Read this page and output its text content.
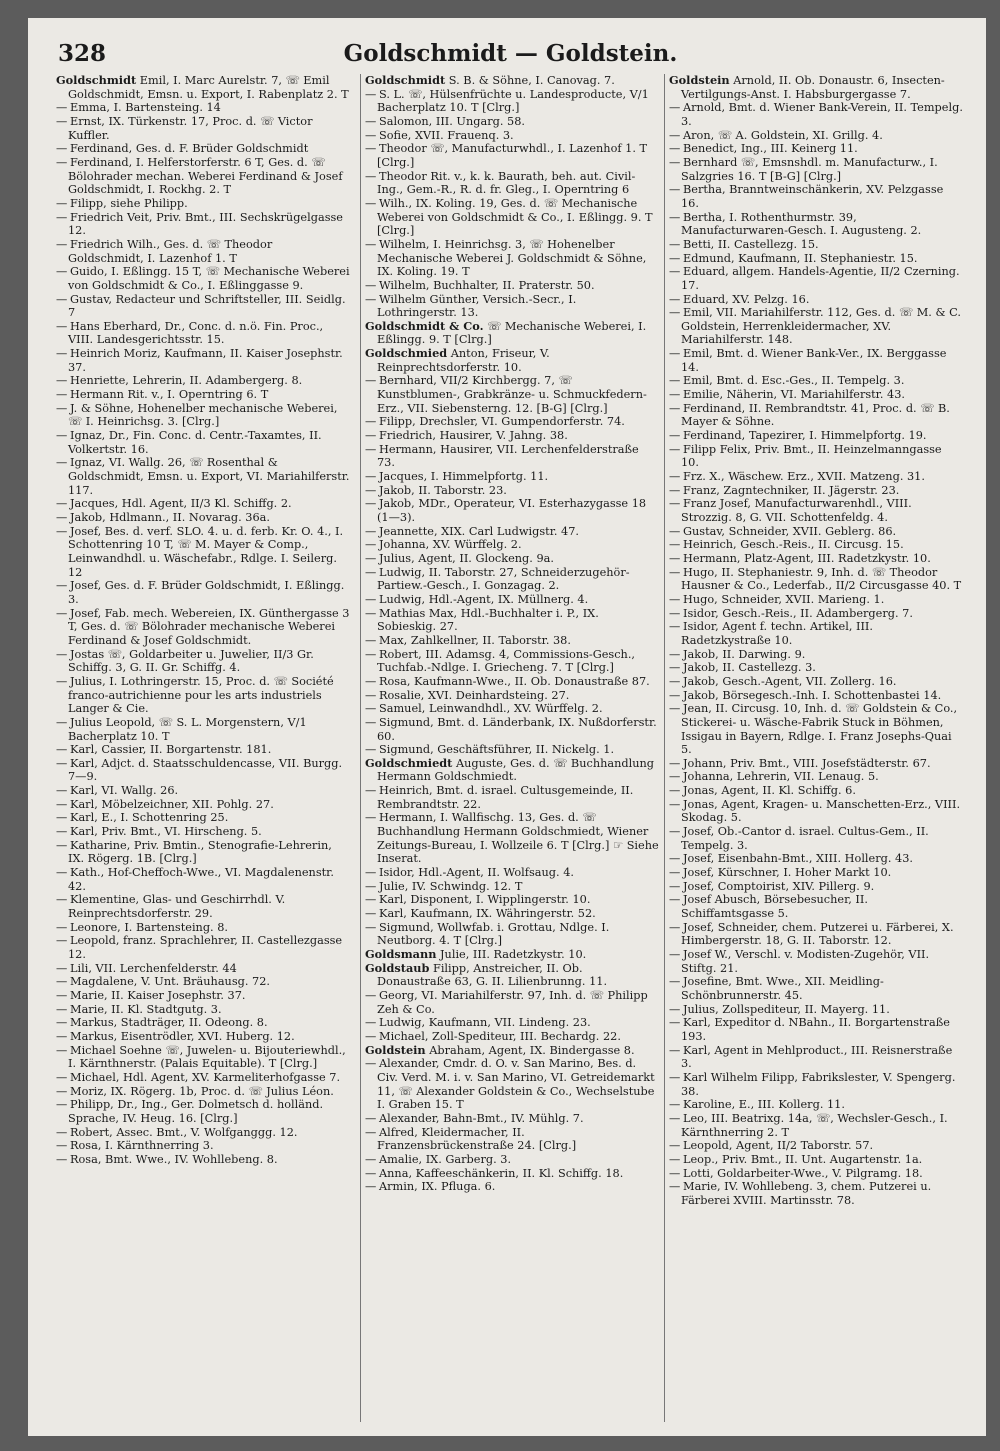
328	Goldschmidt — Goldstein.
Goldschmidt Emil, I. Marc Aurelstr. 7, ☏ Emil Goldschmidt, Emsn. u. Export, I. Rabenplatz 2. T
— Emma, I. Bartensteing. 14
— Ernst, IX. Türkenstr. 17, Proc. d. ☏ Victor Kuffler.
— Ferdinand, Ges. d. F. Brüder Goldschmidt
— Ferdinand, I. Helferstorferstr. 6 T, Ges. d. ☏ Bölohrader mechan. Weberei Ferdinand & Josef Goldschmidt, I. Rockhg. 2. T
— Filipp, siehe Philipp.
— Friedrich Veit, Priv. Bmt., III. Sechskrügelgasse 12.
— Friedrich Wilh., Ges. d. ☏ Theodor Goldschmidt, I. Lazenhof 1. T
— Guido, I. Eßlingg. 15 T, ☏ Mechanische Weberei von Goldschmidt & Co., I. Eßlinggasse 9.
— Gustav, Redacteur und Schriftsteller, III. Seidlg. 7
— Hans Eberhard, Dr., Conc. d. n.ö. Fin. Proc., VIII. Landesgerichtsstr. 15.
— Heinrich Moriz, Kaufmann, II. Kaiser Josephstr. 37.
— Henriette, Lehrerin, II. Adambergerg. 8.
— Hermann Rit. v., I. Operntring 6. T
— J. & Söhne, Hohenelber mechanische Weberei, ☏ I. Heinrichsg. 3. [Clrg.]
— Ignaz, Dr., Fin. Conc. d. Centr.-Taxamtes, II. Volkertstr. 16.
— Ignaz, VI. Wallg. 26, ☏ Rosenthal & Goldschmidt, Emsn. u. Export, VI. Mariahilferstr. 117.
— Jacques, Hdl. Agent, II/3 Kl. Schiffg. 2.
— Jakob, Hdlmann., II. Novarag. 36a.
— Josef, Bes. d. verf. SLO. 4. u. d. ferb. Kr. O. 4., I. Schottenring 10 T, ☏ M. Mayer & Comp., Leinwandhdl. u. Wäschefabr., Rdlge. I. Seilerg. 12
— Josef, Ges. d. F. Brüder Goldschmidt, I. Eßlingg. 3.
— Josef, Fab. mech. Webereien, IX. Günthergasse 3 T, Ges. d. ☏ Bölohrader mechanische Weberei Ferdinand & Josef Goldschmidt.
— Jostas ☏, Goldarbeiter u. Juwelier, II/3 Gr. Schiffg. 3, G. II. Gr. Schiffg. 4.
— Julius, I. Lothringerstr. 15, Proc. d. ☏ Société franco-autrichienne pour les arts industriels Langer & Cie.
— Julius Leopold, ☏ S. L. Morgenstern, V/1 Bacherplatz 10. T
— Karl, Cassier, II. Borgartenstr. 181.
— Karl, Adjct. d. Staatsschuldencasse, VII. Burgg. 7—9.
— Karl, VI. Wallg. 26.
— Karl, Möbelzeichner, XII. Pohlg. 27.
— Karl, E., I. Schottenring 25.
— Karl, Priv. Bmt., VI. Hirscheng. 5.
— Katharine, Priv. Bmtin., Stenografie-Lehrerin, IX. Rögerg. 1B. [Clrg.]
— Kath., Hof-Cheffoch-Wwe., VI. Magdalenenstr. 42.
— Klementine, Glas- und Geschirrhdl. V. Reinprechtsdorferstr. 29.
— Leonore, I. Bartensteing. 8.
— Leopold, franz. Sprachlehrer, II. Castellezgasse 12.
— Lili, VII. Lerchenfelderstr. 44
— Magdalene, V. Unt. Bräuhausg. 72.
— Marie, II. Kaiser Josephstr. 37.
— Marie, II. Kl. Stadtgutg. 3.
— Markus, Stadträger, II. Odeong. 8.
— Markus, Eisentrödler, XVI. Huberg. 12.
— Michael Soehne ☏, Juwelen- u. Bijouteriewhdl., I. Kärnthnerstr. (Palais Equitable). T [Clrg.]
— Michael, Hdl. Agent, XV. Karmeliterhofgasse 7.
— Moriz, IX. Rögerg. 1b, Proc. d. ☏ Julius Léon.
— Philipp, Dr., Ing., Ger. Dolmetsch d. holländ. Sprache, IV. Heug. 16. [Clrg.]
— Robert, Assec. Bmt., V. Wolfganggg. 12.
— Rosa, I. Kärnthnerring 3.
— Rosa, Bmt. Wwe., IV. Wohllebeng. 8.
Goldschmidt S. B. & Söhne, I. Canovag. 7.
— S. L. ☏, Hülsenfrüchte u. Landesproducte, V/1 Bacherplatz 10. T [Clrg.]
— Salomon, III. Ungarg. 58.
— Sofie, XVII. Frauenq. 3.
— Theodor ☏, Manufacturwhdl., I. Lazenhof 1. T [Clrg.]
— Theodor Rit. v., k. k. Baurath, beh. aut. Civil-Ing., Gem.-R., R. d. fr. Gleg., I. Operntring 6
— Wilh., IX. Koling. 19, Ges. d. ☏ Mechanische Weberei von Goldschmidt & Co., I. Eßlingg. 9. T [Clrg.]
— Wilhelm, I. Heinrichsg. 3, ☏ Hohenelber Mechanische Weberei J. Goldschmidt & Söhne, IX. Koling. 19. T
— Wilhelm, Buchhalter, II. Praterstr. 50.
— Wilhelm Günther, Versich.-Secr., I. Lothringerstr. 13.
Goldschmidt & Co. ☏ Mechanische Weberei, I. Eßlingg. 9. T [Clrg.]
Goldschmied Anton, Friseur, V. Reinprechtsdorferstr. 10.
— Bernhard, VII/2 Kirchbergg. 7, ☏ Kunstblumen-, Grabkränze- u. Schmuckfedern-Erz., VII. Siebensterng. 12. [B-G] [Clrg.]
— Filipp, Drechsler, VI. Gumpendorferstr. 74.
— Friedrich, Hausirer, V. Jahng. 38.
— Hermann, Hausirer, VII. Lerchenfelderstraße 73.
— Jacques, I. Himmelpfortg. 11.
— Jakob, II. Taborstr. 23.
— Jakob, MDr., Operateur, VI. Esterhazygasse 18 (1—3).
— Jeannette, XIX. Carl Ludwigstr. 47.
— Johanna, XV. Würffelg. 2.
— Julius, Agent, II. Glockeng. 9a.
— Ludwig, II. Taborstr. 27, Schneiderzugehör-Partiew.-Gesch., I. Gonzagag. 2.
— Ludwig, Hdl.-Agent, IX. Müllnerg. 4.
— Mathias Max, Hdl.-Buchhalter i. P., IX. Sobieskig. 27.
— Max, Zahlkellner, II. Taborstr. 38.
— Robert, III. Adamsg. 4, Commissions-Gesch., Tuchfab.-Ndlge. I. Griecheng. 7. T [Clrg.]
— Rosa, Kaufmann-Wwe., II. Ob. Donaustraße 87.
— Rosalie, XVI. Deinhardsteing. 27.
— Samuel, Leinwandhdl., XV. Würffelg. 2.
— Sigmund, Bmt. d. Länderbank, IX. Nußdorferstr. 60.
— Sigmund, Geschäftsführer, II. Nickelg. 1.
Goldschmiedt Auguste, Ges. d. ☏ Buchhandlung Hermann Goldschmiedt.
— Heinrich, Bmt. d. israel. Cultusgemeinde, II. Rembrandtstr. 22.
— Hermann, I. Wallfischg. 13, Ges. d. ☏ Buchhandlung Hermann Goldschmiedt, Wiener Zeitungs-Bureau, I. Wollzeile 6. T [Clrg.] ☞ Siehe Inserat.
— Isidor, Hdl.-Agent, II. Wolfsaug. 4.
— Julie, IV. Schwindg. 12. T
— Karl, Disponent, I. Wipplingerstr. 10.
— Karl, Kaufmann, IX. Währingerstr. 52.
— Sigmund, Wollwfab. i. Grottau, Ndlge. I. Neutborg. 4. T [Clrg.]
Goldsmann Julie, III. Radetzkystr. 10.
Goldstaub Filipp, Anstreicher, II. Ob. Donaustraße 63, G. II. Lilienbrunng. 11.
— Georg, VI. Mariahilferstr. 97, Inh. d. ☏ Philipp Zeh & Co.
— Ludwig, Kaufmann, VII. Lindeng. 23.
— Michael, Zoll-Spediteur, III. Bechardg. 22.
Goldstein Abraham, Agent, IX. Bindergasse 8.
— Alexander, Cmdr. d. O. v. San Marino, Bes. d. Civ. Verd. M. i. v. San Marino, VI. Getreidemarkt 11, ☏ Alexander Goldstein & Co., Wechselstube I. Graben 15. T
— Alexander, Bahn-Bmt., IV. Mühlg. 7.
— Alfred, Kleidermacher, II. Franzensbrückenstraße 24. [Clrg.]
— Amalie, IX. Garberg. 3.
— Anna, Kaffeeschänkerin, II. Kl. Schiffg. 18.
— Armin, IX. Pfluga. 6.
Goldstein Arnold, II. Ob. Donaustr. 6, Insecten-Vertilgungs-Anst. I. Habsburgergasse 7.
— Arnold, Bmt. d. Wiener Bank-Verein, II. Tempelg. 3.
— Aron, ☏ A. Goldstein, XI. Grillg. 4.
— Benedict, Ing., III. Keinerg 11.
— Bernhard ☏, Emsnshdl. m. Manufacturw., I. Salzgries 16. T [B-G] [Clrg.]
— Bertha, Branntweinschänkerin, XV. Pelzgasse 16.
— Bertha, I. Rothenthurmstr. 39, Manufacturwaren-Gesch. I. Augusteng. 2.
— Betti, II. Castellezg. 15.
— Edmund, Kaufmann, II. Stephaniestr. 15.
— Eduard, allgem. Handels-Agentie, II/2 Czerning. 17.
— Eduard, XV. Pelzg. 16.
— Emil, VII. Mariahilferstr. 112, Ges. d. ☏ M. & C. Goldstein, Herrenkleidermacher, XV. Mariahilferstr. 148.
— Emil, Bmt. d. Wiener Bank-Ver., IX. Berggasse 14.
— Emil, Bmt. d. Esc.-Ges., II. Tempelg. 3.
— Emilie, Näherin, VI. Mariahilferstr. 43.
— Ferdinand, II. Rembrandtstr. 41, Proc. d. ☏ B. Mayer & Söhne.
— Ferdinand, Tapezirer, I. Himmelpfortg. 19.
— Filipp Felix, Priv. Bmt., II. Heinzelmanngasse 10.
— Frz. X., Wäschew. Erz., XVII. Matzeng. 31.
— Franz, Zagntechniker, II. Jägerstr. 23.
— Franz Josef, Manufacturwarenhdl., VIII. Strozzig. 8, G. VII. Schottenfeldg. 4.
— Gustav, Schneider, XVII. Geblerg. 86.
— Heinrich, Gesch.-Reis., II. Circusg. 15.
— Hermann, Platz-Agent, III. Radetzkystr. 10.
— Hugo, II. Stephaniestr. 9, Inh. d. ☏ Theodor Hausner & Co., Lederfab., II/2 Circusgasse 40. T
— Hugo, Schneider, XVII. Marieng. 1.
— Isidor, Gesch.-Reis., II. Adambergerg. 7.
— Isidor, Agent f. techn. Artikel, III. Radetzkystraße 10.
— Jakob, II. Darwing. 9.
— Jakob, II. Castellezg. 3.
— Jakob, Gesch.-Agent, VII. Zollerg. 16.
— Jakob, Börsegesch.-Inh. I. Schottenbastei 14.
— Jean, II. Circusg. 10, Inh. d. ☏ Goldstein & Co., Stickerei- u. Wäsche-Fabrik Stuck in Böhmen, Issigau in Bayern, Rdlge. I. Franz Josephs-Quai 5.
— Johann, Priv. Bmt., VIII. Josefstädterstr. 67.
— Johanna, Lehrerin, VII. Lenaug. 5.
— Jonas, Agent, II. Kl. Schiffg. 6.
— Jonas, Agent, Kragen- u. Manschetten-Erz., VIII. Skodag. 5.
— Josef, Ob.-Cantor d. israel. Cultus-Gem., II. Tempelg. 3.
— Josef, Eisenbahn-Bmt., XIII. Hollerg. 43.
— Josef, Kürschner, I. Hoher Markt 10.
— Josef, Comptoirist, XIV. Pillerg. 9.
— Josef Abusch, Börsebesucher, II. Schiffamtsgasse 5.
— Josef, Schneider, chem. Putzerei u. Färberei, X. Himbergerstr. 18, G. II. Taborstr. 12.
— Josef W., Verschl. v. Modisten-Zugehör, VII. Stiftg. 21.
— Josefine, Bmt. Wwe., XII. Meidling-Schönbrunnerstr. 45.
— Julius, Zollspediteur, II. Mayerg. 11.
— Karl, Expeditor d. NBahn., II. Borgartenstraße 193.
— Karl, Agent in Mehlproduct., III. Reisnerstraße 3.
— Karl Wilhelm Filipp, Fabrikslester, V. Spengerg. 38.
— Karoline, E., III. Kollerg. 11.
— Leo, III. Beatrixg. 14a, ☏, Wechsler-Gesch., I. Kärnthnerring 2. T
— Leopold, Agent, II/2 Taborstr. 57.
— Leop., Priv. Bmt., II. Unt. Augartenstr. 1a.
— Lotti, Goldarbeiter-Wwe., V. Pilgramg. 18.
— Marie, IV. Wohllebeng. 3, chem. Putzerei u. Färberei XVIII. Martinsstr. 78.
